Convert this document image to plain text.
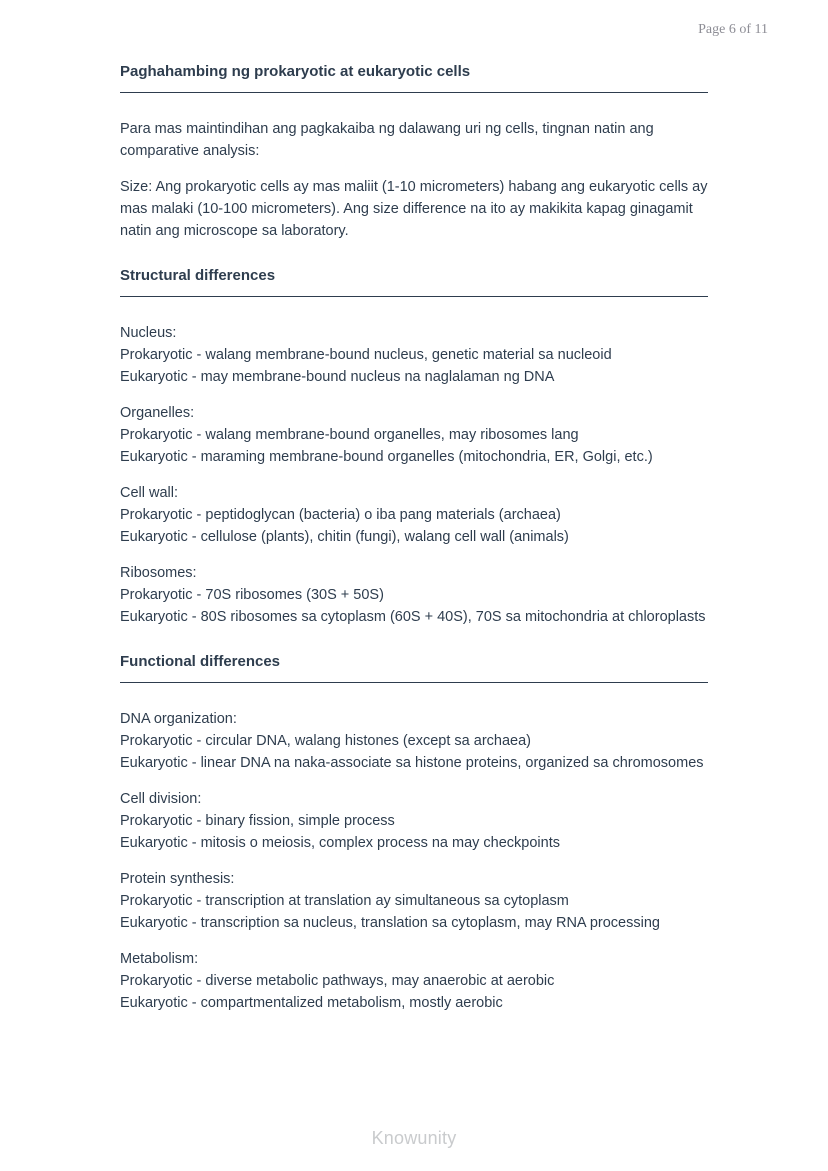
Page 6 of 11
Paghahambing ng prokaryotic at eukaryotic cells

Para mas maintindihan ang pagkakaiba ng dalawang uri ng cells, tingnan natin ang comparative analysis:

Size: Ang prokaryotic cells ay mas maliit (1-10 micrometers) habang ang eukaryotic cells ay mas malaki (10-100 micrometers). Ang size difference na ito ay makikita kapag ginagamit natin ang microscope sa laboratory.

Structural differences
Nucleus:
Prokaryotic - walang membrane-bound nucleus, genetic material sa nucleoid
Eukaryotic - may membrane-bound nucleus na naglalaman ng DNA
Organelles:
Prokaryotic - walang membrane-bound organelles, may ribosomes lang
Eukaryotic - maraming membrane-bound organelles (mitochondria, ER, Golgi, etc.)
Cell wall:
Prokaryotic - peptidoglycan (bacteria) o iba pang materials (archaea)
Eukaryotic - cellulose (plants), chitin (fungi), walang cell wall (animals)
Ribosomes:
Prokaryotic - 70S ribosomes (30S + 50S)
Eukaryotic - 80S ribosomes sa cytoplasm (60S + 40S), 70S sa mitochondria at chloroplasts
Functional differences
DNA organization:
Prokaryotic - circular DNA, walang histones (except sa archaea)
Eukaryotic - linear DNA na naka-associate sa histone proteins, organized sa chromosomes
Cell division:
Prokaryotic - binary fission, simple process
Eukaryotic - mitosis o meiosis, complex process na may checkpoints
Protein synthesis:
Prokaryotic - transcription at translation ay simultaneous sa cytoplasm
Eukaryotic - transcription sa nucleus, translation sa cytoplasm, may RNA processing
Metabolism:
Prokaryotic - diverse metabolic pathways, may anaerobic at aerobic
Eukaryotic - compartmentalized metabolism, mostly aerobic
Knowunity
